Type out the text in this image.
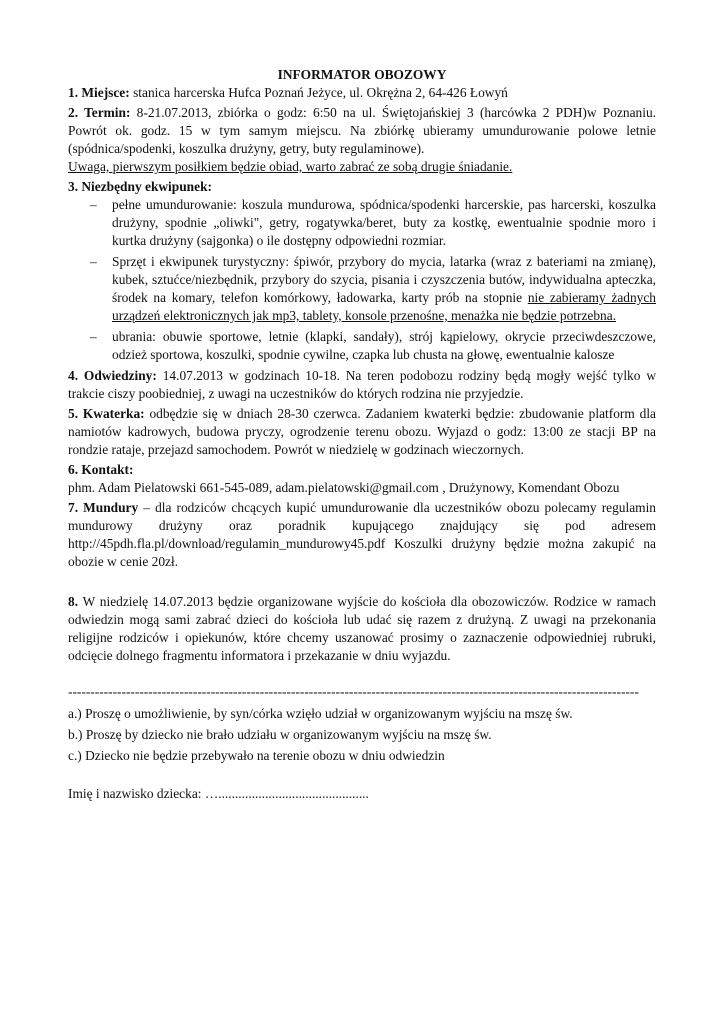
INFORMATOR OBOZOWY

1. Miejsce: stanica harcerska Hufca Poznań Jeżyce, ul. Okrężna 2, 64-426 Łowyń

2. Termin: 8-21.07.2013, zbiórka o godz: 6:50 na ul. Świętojańskiej 3 (harcówka 2 PDH)w Poznaniu. Powrót ok. godz. 15 w tym samym miejscu. Na zbiórkę ubieramy umundurowanie polowe letnie (spódnica/spodenki, koszulka drużyny, getry, buty regulaminowe).

Uwaga, pierwszym posiłkiem będzie obiad, warto zabrać ze sobą drugie śniadanie.

3. Niezbędny ekwipunek:

– pełne umundurowanie: koszula mundurowa, spódnica/spodenki harcerskie, pas harcerski, koszulka drużyny, spodnie „oliwki", getry, rogatywka/beret, buty za kostkę, ewentualnie spodnie moro i kurtka drużyny (sajgonka) o ile dostępny odpowiedni rozmiar.
– Sprzęt i ekwipunek turystyczny: śpiwór, przybory do mycia, latarka (wraz z bateriami na zmianę), kubek, sztućce/niezbędnik, przybory do szycia, pisania i czyszczenia butów, indywidualna apteczka, środek na komary, telefon komórkowy, ładowarka, karty prób na stopnie nie zabieramy żadnych urządzeń elektronicznych jak mp3, tablety, konsole przenośne, menażka nie będzie potrzebna.
– ubrania: obuwie sportowe, letnie (klapki, sandały), strój kąpielowy, okrycie przeciwdeszczowe, odzież sportowa, koszulki, spodnie cywilne, czapka lub chusta na głowę, ewentualnie kalosze

4. Odwiedziny: 14.07.2013 w godzinach 10-18. Na teren podobozu rodziny będą mogły wejść tylko w trakcie ciszy poobiedniej, z uwagi na uczestników do których rodzina nie przyjedzie.

5. Kwaterka: odbędzie się w dniach 28-30 czerwca. Zadaniem kwaterki będzie: zbudowanie platform dla namiotów kadrowych, budowa pryczy, ogrodzenie terenu obozu. Wyjazd o godz: 13:00 ze stacji BP na rondzie rataje, przejazd samochodem. Powrót w niedzielę w godzinach wieczornych.

6. Kontakt:

phm. Adam Pielatowski 661-545-089, adam.pielatowski@gmail.com , Drużynowy, Komendant Obozu

7. Mundury – dla rodziców chcących kupić umundurowanie dla uczestników obozu polecamy regulamin mundurowy drużyny oraz poradnik kupującego znajdujący się pod adresem

http://45pdh.fla.pl/download/regulamin_mundurowy45.pdf Koszulki drużyny będzie można zakupić na obozie w cenie 20zł.

8. W niedzielę 14.07.2013 będzie organizowane wyjście do kościoła dla obozowiczów. Rodzice w ramach odwiedzin mogą sami zabrać dzieci do kościoła lub udać się razem z drużyną. Z uwagi na przekonania religijne rodziców i opiekunów, które chcemy uszanować prosimy o zaznaczenie odpowiedniej rubruki, odcięcie dolnego fragmentu informatora i przekazanie w dniu wyjazdu.

--------------------------------------------------------------------------------------------------------------------------------

a.) Proszę o umożliwienie, by syn/córka wzięło udział w organizowanym wyjściu na mszę św.

b.) Proszę by dziecko nie brało udziału w organizowanym wyjściu na mszę św.

c.) Dziecko nie będzie przebywało na terenie obozu w dniu odwiedzin

Imię i nazwisko dziecka: ….............................................
